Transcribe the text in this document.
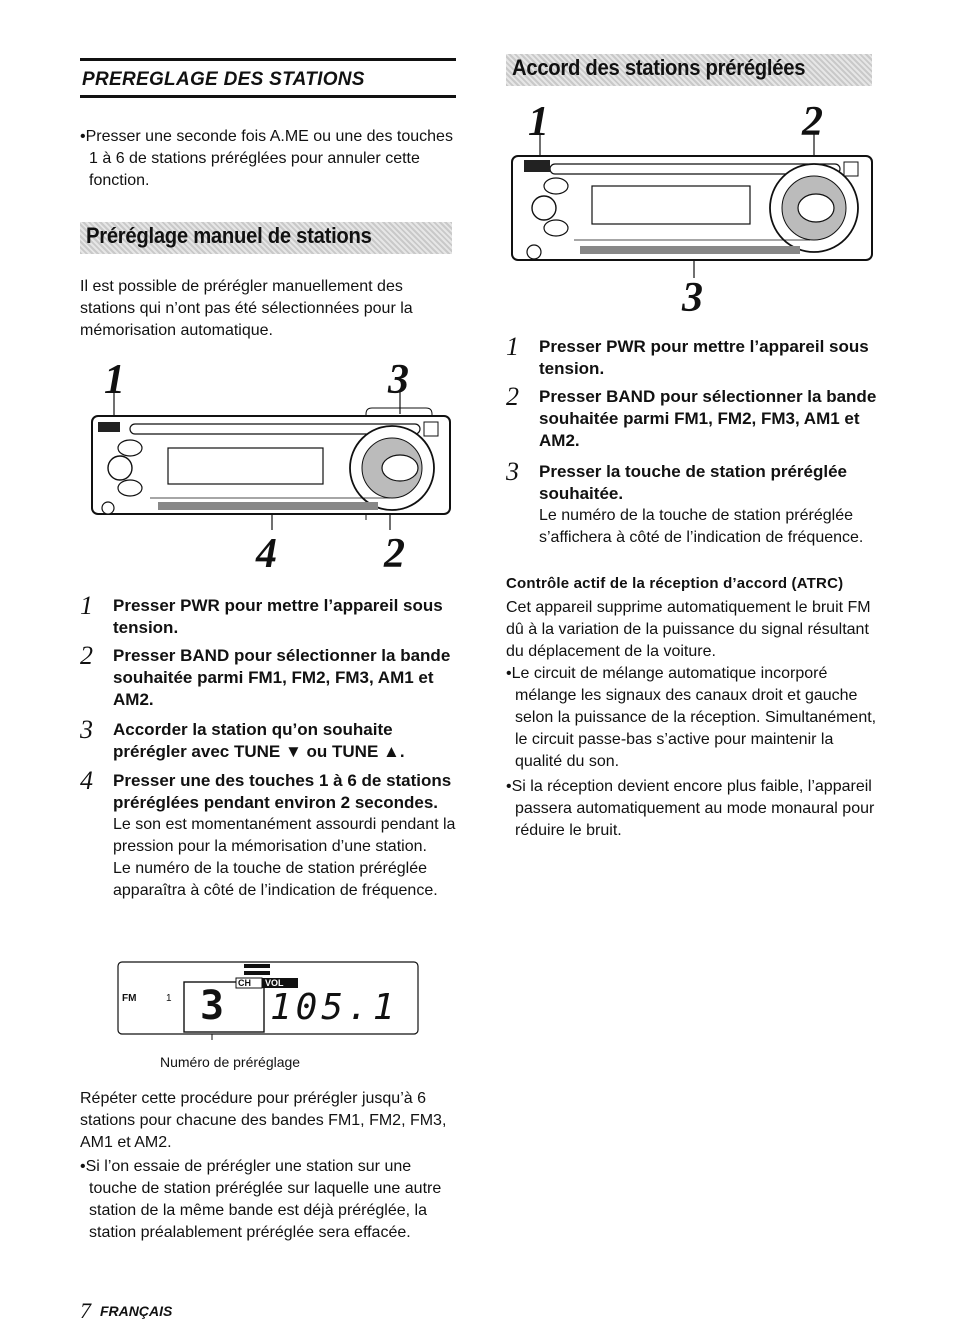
PREREGLAGE DES STATIONS
•Presser une seconde fois A.ME ou une des touches 1 à 6 de stations préréglées pour annuler cette fonction.
Préréglage manuel de stations
Il est possible de prérégler manuellement des stations qui n’ont pas été sélectionnées pour la mémorisation automatique.
1	3
4	2
1 Presser PWR pour mettre l’appareil sous tension.
2 Presser BAND pour sélectionner la bande souhaitée parmi FM1, FM2, FM3, AM1 et AM2.
3 Accorder la station qu’on souhaite prérégler avec TUNE ▼ ou TUNE ▲.
4 Presser une des touches 1 à 6 de stations préréglées pendant environ 2 secondes.
Le son est momentanément assourdi pendant la pression pour la mémorisation d’une station.
Le numéro de la touche de station préréglée apparaîtra à côté de l’indication de fréquence.
FM	1
CH VOL
3 105.1
Numéro de préréglage
Répéter cette procédure pour prérégler jusqu’à 6 stations pour chacune des bandes FM1, FM2, FM3, AM1 et AM2.
•Si l’on essaie de prérégler une station sur une touche de station préréglée sur laquelle une autre station de la même bande est déjà préréglée, la station préalablement préréglée sera effacée.
Accord des stations préréglées
1	2
3
1 Presser PWR pour mettre l’appareil sous tension.
2 Presser BAND pour sélectionner la bande souhaitée parmi FM1, FM2, FM3, AM1 et AM2.
3 Presser la touche de station préréglée souhaitée.
Le numéro de la touche de station préréglée s’affichera à côté de l’indication de fréquence.
Contrôle actif de la réception d’accord (ATRC)
Cet appareil supprime automatiquement le bruit FM dû à la variation de la puissance du signal résultant du déplacement de la voiture.
•Le circuit de mélange automatique incorporé mélange les signaux des canaux droit et gauche selon la puissance de la réception. Simultanément, le circuit passe-bas s’active pour maintenir la qualité du son.
•Si la réception devient encore plus faible, l’appareil passera automatiquement au mode monaural pour réduire le bruit.
7 FRANÇAIS
